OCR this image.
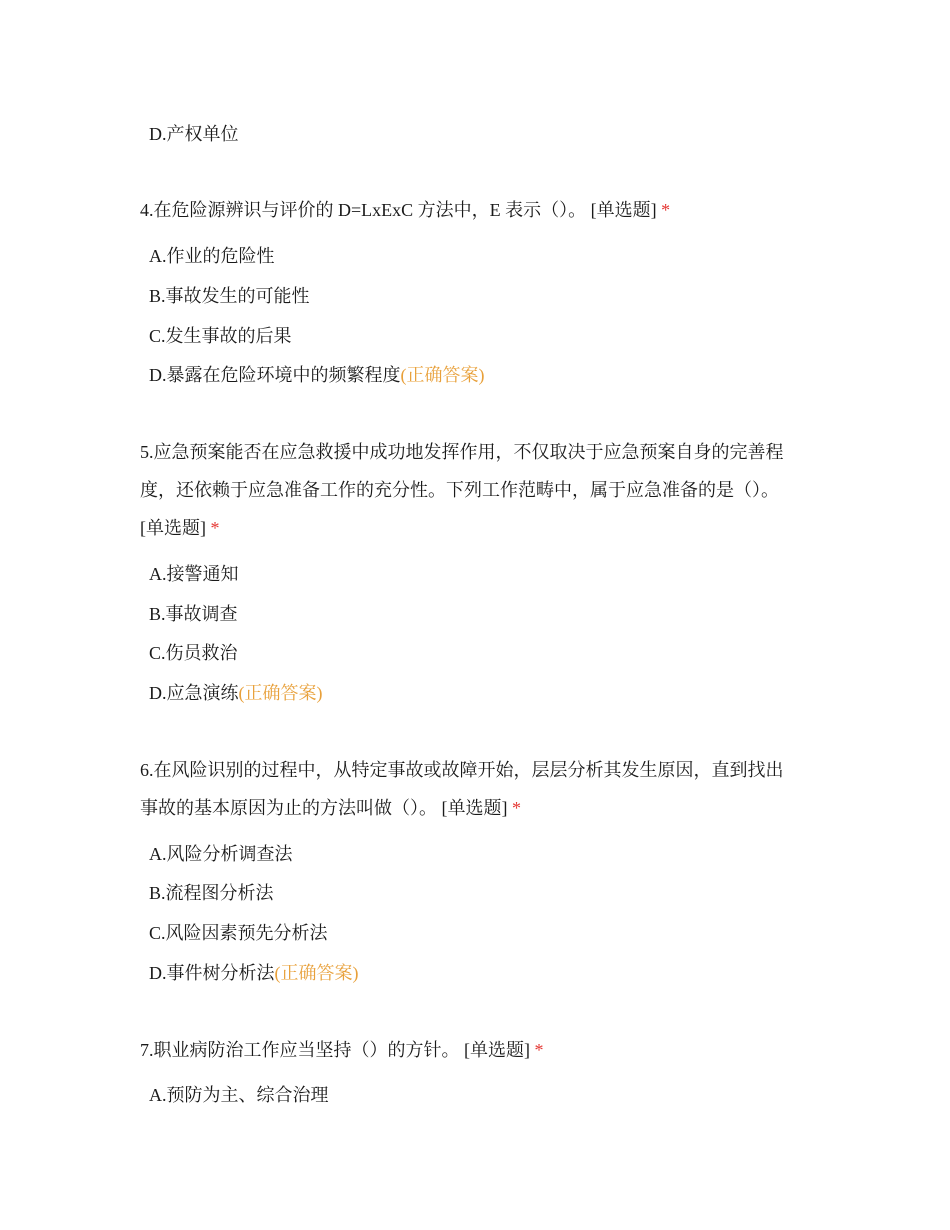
D.产权单位
4.在危险源辨识与评价的 D=LxExC 方法中，E 表示（）。 [单选题] *
A.作业的危险性
B.事故发生的可能性
C.发生事故的后果
D.暴露在危险环境中的频繁程度(正确答案)
5.应急预案能否在应急救援中成功地发挥作用，不仅取决于应急预案自身的完善程
度，还依赖于应急准备工作的充分性。下列工作范畴中，属于应急准备的是（）。
[单选题] *
A.接警通知
B.事故调查
C.伤员救治
D.应急演练(正确答案)
6.在风险识别的过程中，从特定事故或故障开始，层层分析其发生原因，直到找出
事故的基本原因为止的方法叫做（）。 [单选题] *
A.风险分析调查法
B.流程图分析法
C.风险因素预先分析法
D.事件树分析法(正确答案)
7.职业病防治工作应当坚持（）的方针。 [单选题] *
A.预防为主、综合治理
